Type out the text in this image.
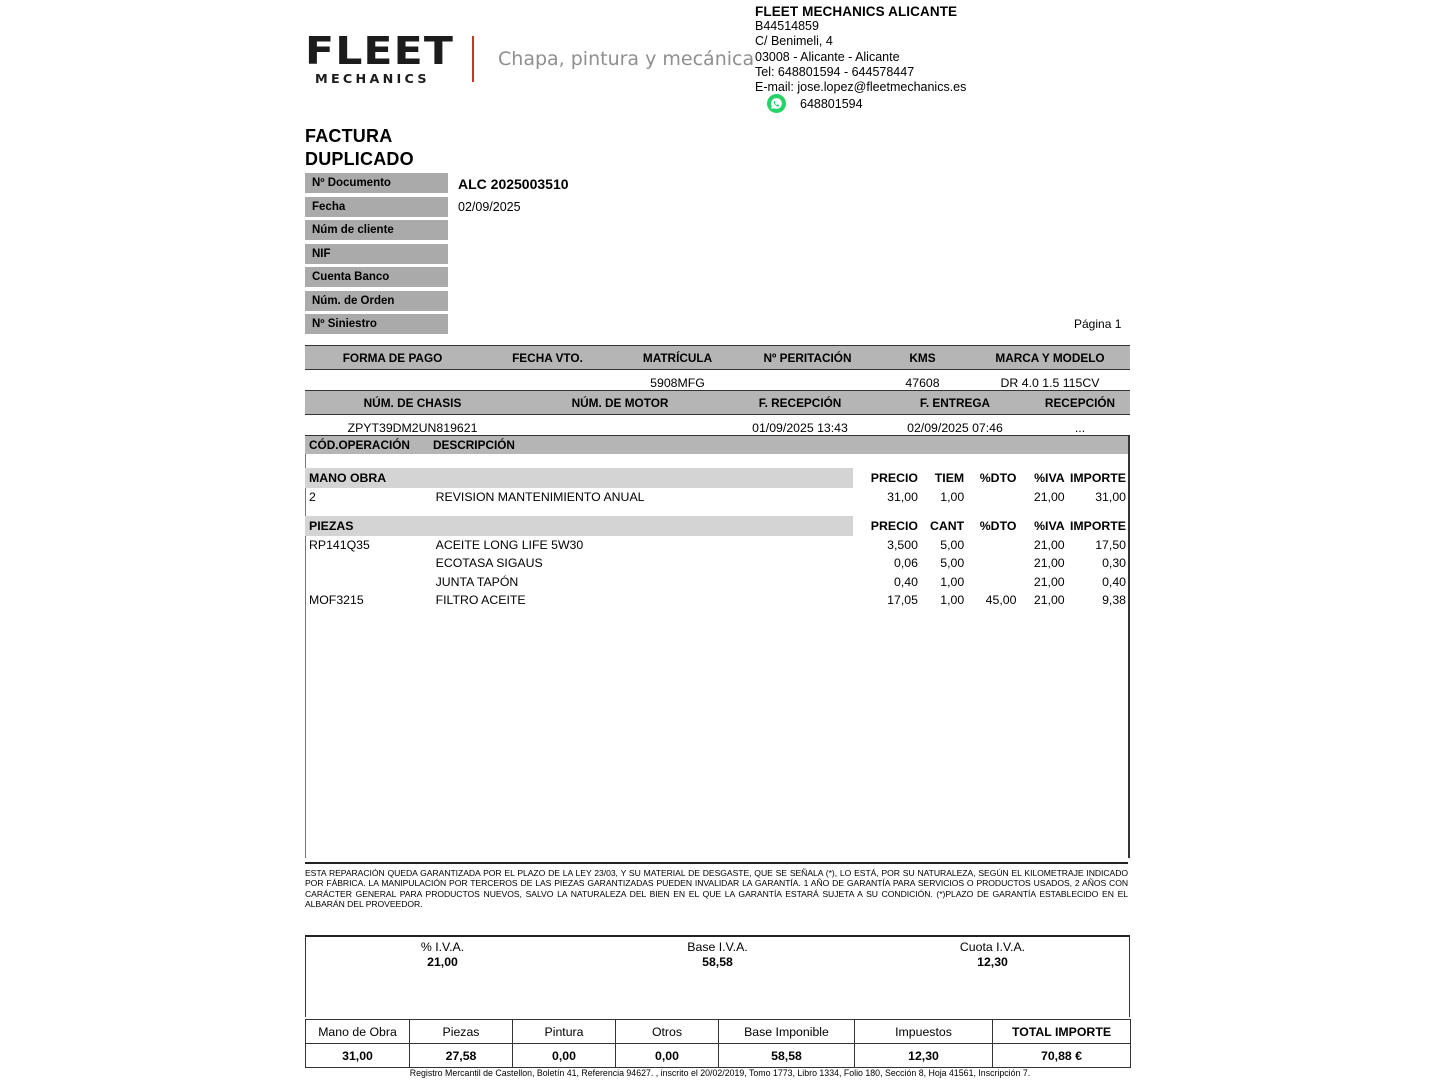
FLEET
MECHANICS
Chapa, pintura y mecánica
FLEET MECHANICS ALICANTE
B44514859
C/ Benimeli, 4
03008 - Alicante - Alicante
Tel: 648801594 - 644578447
E-mail: jose.lopez@fleetmechanics.es
648801594
FACTURA
DUPLICADO
Nº Documento	ALC 2025003510
Fecha	02/09/2025
Núm de cliente
NIF
Cuenta Banco
Núm. de Orden
Nº Siniestro	Página 1
FORMA DE PAGO	FECHA VTO.	MATRÍCULA	Nº PERITACIÓN	KMS	MARCA Y MODELO
		5908MFG		47608	DR 4.0 1.5 115CV
NÚM. DE CHASIS	NÚM. DE MOTOR	F. RECEPCIÓN	F. ENTREGA	RECEPCIÓN
ZPYT39DM2UN819621		01/09/2025 13:43	02/09/2025 07:46	...
CÓD.OPERACIÓN DESCRIPCIÓN
MANO OBRA		PRECIO	TIEM	%DTO	%IVA	IMPORTE
2	REVISION MANTENIMIENTO ANUAL	31,00	1,00		21,00	31,00

PIEZAS		PRECIO	CANT	%DTO	%IVA	IMPORTE
RP141Q35	ACEITE LONG LIFE 5W30	3,500	5,00		21,00	17,50
	ECOTASA SIGAUS	0,06	5,00		21,00	0,30
	JUNTA TAPÓN	0,40	1,00		21,00	0,40
MOF3215	FILTRO ACEITE	17,05	1,00	45,00	21,00	9,38
ESTA REPARACIÓN QUEDA GARANTIZADA POR EL PLAZO DE LA LEY 23/03, Y SU MATERIAL DE DESGASTE, QUE SE SEÑALA (*), LO ESTÁ, POR SU NATURALEZA, SEGÚN EL KILOMETRAJE INDICADO POR FÁBRICA. LA MANIPULACIÓN POR TERCEROS DE LAS PIEZAS GARANTIZADAS PUEDEN INVALIDAR LA GARANTÍA. 1 AÑO DE GARANTÍA PARA SERVICIOS O PRODUCTOS USADOS, 2 AÑOS CON CARÁCTER GENERAL PARA PRODUCTOS NUEVOS, SALVO LA NATURALEZA DEL BIEN EN EL QUE LA GARANTÍA ESTARÁ SUJETA A SU CONDICIÓN. (*)PLAZO DE GARANTÍA ESTABLECIDO EN EL ALBARÁN DEL PROVEEDOR.
% I.V.A.
21,00
Base I.V.A.
58,58
Cuota I.V.A.
12,30
Mano de Obra	Piezas	Pintura	Otros	Base Imponible	Impuestos	TOTAL IMPORTE
31,00	27,58	0,00	0,00	58,58	12,30	70,88 €
Registro Mercantil de Castellon, Boletín 41, Referencia 94627. , inscrito el 20/02/2019, Tomo 1773, Libro 1334, Folio 180, Sección 8, Hoja 41561, Inscripción 7.
